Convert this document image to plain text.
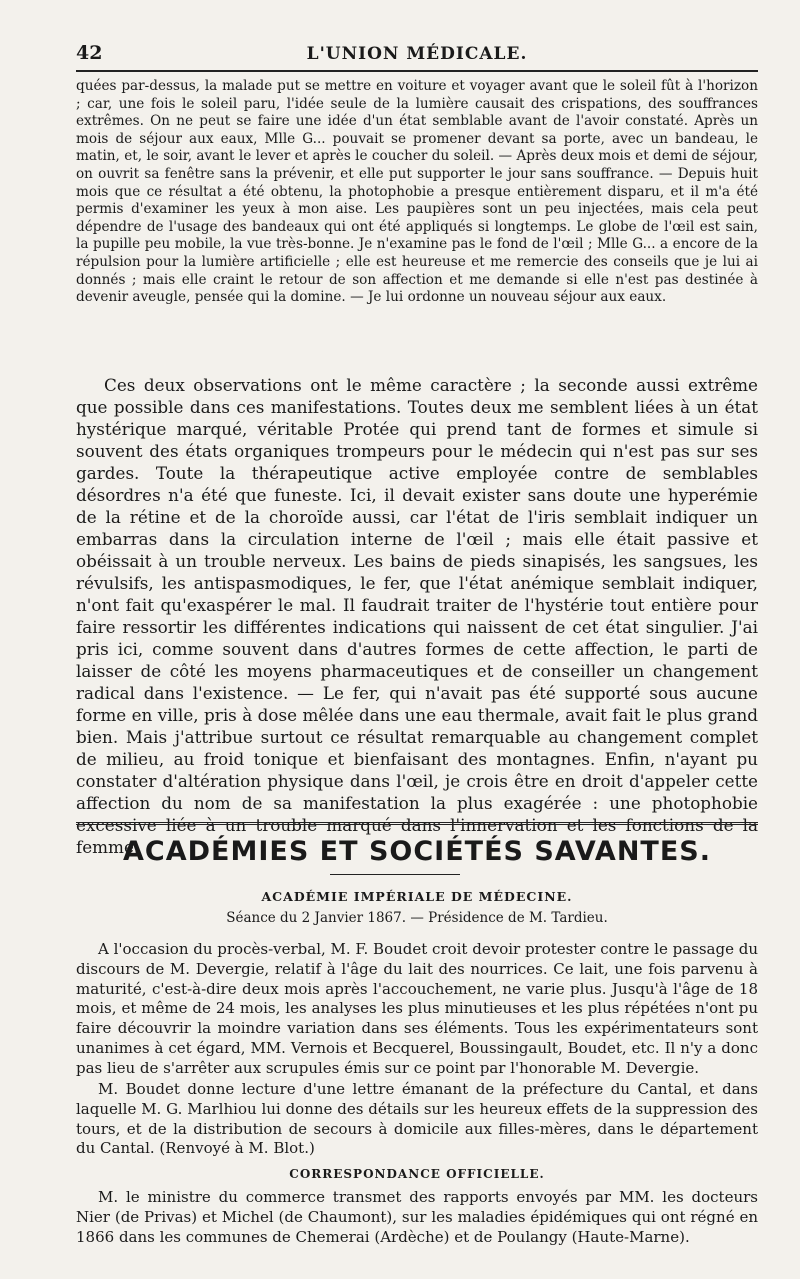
42	L'UNION MÉDICALE.

quées par-dessus, la malade put se mettre en voiture et voyager avant que le soleil fût à l'horizon ; car, une fois le soleil paru, l'idée seule de la lumière causait des crispations, des souffrances extrêmes. On ne peut se faire une idée d'un état semblable avant de l'avoir constaté. Après un mois de séjour aux eaux, Mlle G... pouvait se promener devant sa porte, avec un bandeau, le matin, et, le soir, avant le lever et après le coucher du soleil. — Après deux mois et demi de séjour, on ouvrit sa fenêtre sans la prévenir, et elle put supporter le jour sans souffrance. — Depuis huit mois que ce résultat a été obtenu, la photophobie a presque entièrement disparu, et il m'a été permis d'examiner les yeux à mon aise. Les paupières sont un peu injectées, mais cela peut dépendre de l'usage des bandeaux qui ont été appliqués si longtemps. Le globe de l'œil est sain, la pupille peu mobile, la vue très-bonne. Je n'examine pas le fond de l'œil ; Mlle G... a encore de la répulsion pour la lumière artificielle ; elle est heureuse et me remercie des conseils que je lui ai donnés ; mais elle craint le retour de son affection et me demande si elle n'est pas destinée à devenir aveugle, pensée qui la domine. — Je lui ordonne un nouveau séjour aux eaux.

Ces deux observations ont le même caractère ; la seconde aussi extrême que possible dans ces manifestations. Toutes deux me semblent liées à un état hystérique marqué, véritable Protée qui prend tant de formes et simule si souvent des états organiques trompeurs pour le médecin qui n'est pas sur ses gardes. Toute la thérapeutique active employée contre de semblables désordres n'a été que funeste. Ici, il devait exister sans doute une hyperémie de la rétine et de la choroïde aussi, car l'état de l'iris semblait indiquer un embarras dans la circulation interne de l'œil ; mais elle était passive et obéissait à un trouble nerveux. Les bains de pieds sinapisés, les sangsues, les révulsifs, les antispasmodiques, le fer, que l'état anémique semblait indiquer, n'ont fait qu'exaspérer le mal. Il faudrait traiter de l'hystérie tout entière pour faire ressortir les différentes indications qui naissent de cet état singulier. J'ai pris ici, comme souvent dans d'autres formes de cette affection, le parti de laisser de côté les moyens pharmaceutiques et de conseiller un changement radical dans l'existence. — Le fer, qui n'avait pas été supporté sous aucune forme en ville, pris à dose mêlée dans une eau thermale, avait fait le plus grand bien. Mais j'attribue surtout ce résultat remarquable au changement complet de milieu, au froid tonique et bienfaisant des montagnes. Enfin, n'ayant pu constater d'altération physique dans l'œil, je crois être en droit d'appeler cette affection du nom de sa manifestation la plus exagérée : une photophobie excessive liée à un trouble marqué dans l'innervation et les fonctions de la femme.

ACADÉMIES ET SOCIÉTÉS SAVANTES.
ACADÉMIE IMPÉRIALE DE MÉDECINE.
Séance du 2 Janvier 1867. — Présidence de M. Tardieu.

A l'occasion du procès-verbal, M. F. Boudet croit devoir protester contre le passage du discours de M. Devergie, relatif à l'âge du lait des nourrices. Ce lait, une fois parvenu à maturité, c'est-à-dire deux mois après l'accouchement, ne varie plus. Jusqu'à l'âge de 18 mois, et même de 24 mois, les analyses les plus minutieuses et les plus répétées n'ont pu faire découvrir la moindre variation dans ses éléments. Tous les expérimentateurs sont unanimes à cet égard, MM. Vernois et Becquerel, Boussingault, Boudet, etc. Il n'y a donc pas lieu de s'arrêter aux scrupules émis sur ce point par l'honorable M. Devergie.

M. Boudet donne lecture d'une lettre émanant de la préfecture du Cantal, et dans laquelle M. G. Marlhiou lui donne des détails sur les heureux effets de la suppression des tours, et de la distribution de secours à domicile aux filles-mères, dans le département du Cantal. (Renvoyé à M. Blot.)

CORRESPONDANCE OFFICIELLE.

M. le ministre du commerce transmet des rapports envoyés par MM. les docteurs Nier (de Privas) et Michel (de Chaumont), sur les maladies épidémiques qui ont régné en 1866 dans les communes de Chemerai (Ardèche) et de Poulangy (Haute-Marne).
